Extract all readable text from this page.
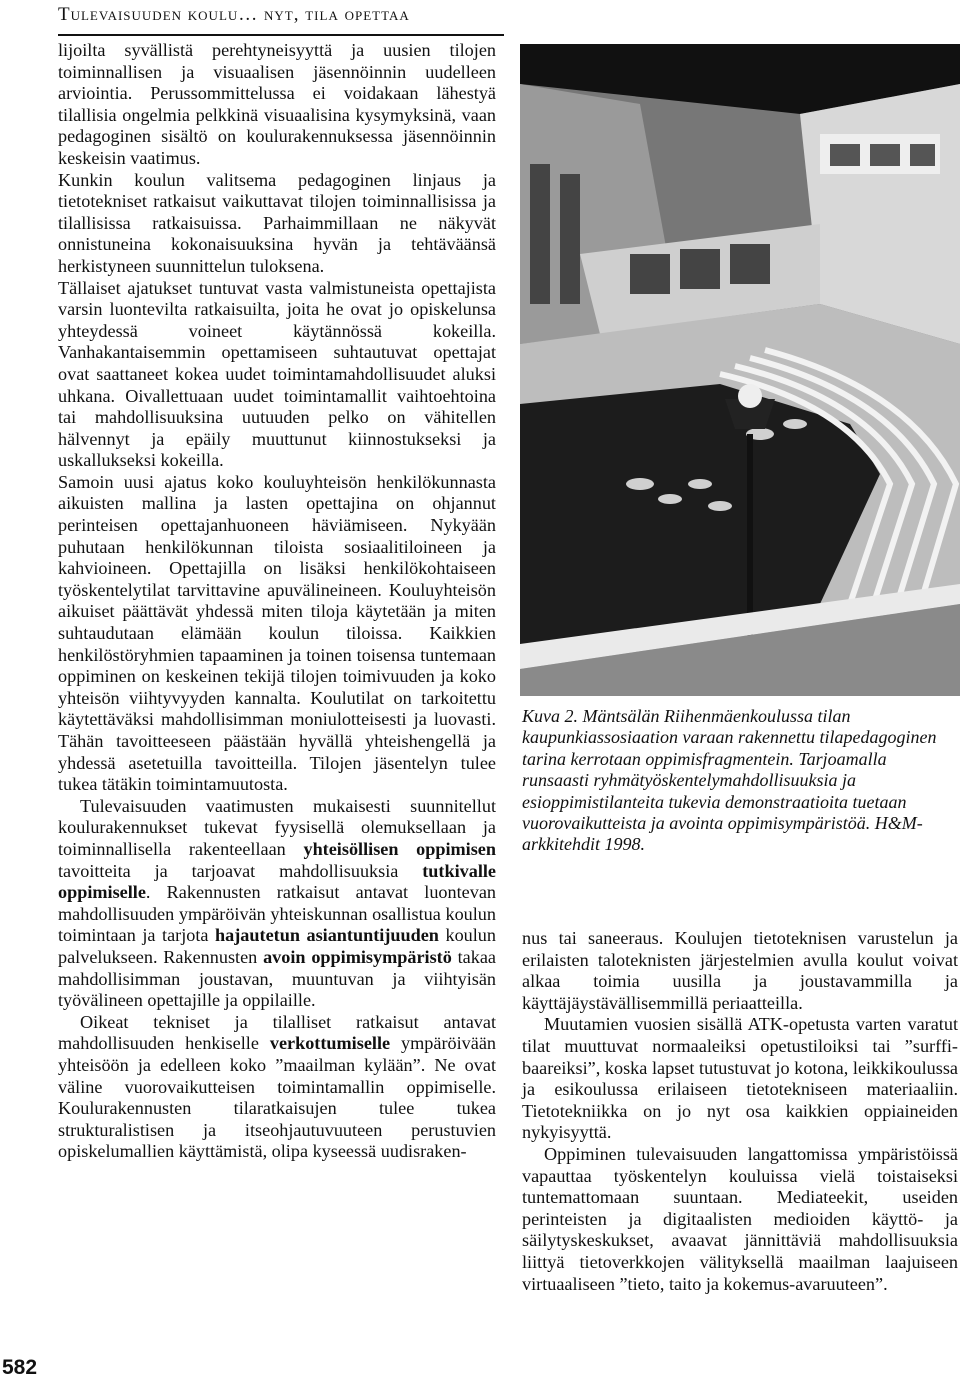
Tulevaisuuden koulu… nyt, tila opettaa

lijoilta syvällistä perehtyneisyyttä ja uusien tilojen toiminnallisen ja visuaalisen jäsennöinnin uudelleen arviointia. Perussommittelussa ei voidakaan lähestyä tilallisia ongelmia pelkkinä visuaalisina kysymyksinä, vaan pedagoginen sisältö on koulurakennuksessa jäsennöinnin keskeisin vaatimus.

Kunkin koulun valitsema pedagoginen linjaus ja tietotekniset ratkaisut vaikuttavat tilojen toiminnallisissa ja tilallisissa ratkaisuissa. Parhaimmillaan ne näkyvät onnistuneina kokonaisuuksina hyvän ja tehtäväänsä herkistyneen suunnittelun tuloksena.

Tällaiset ajatukset tuntuvat vasta valmistuneista opettajista varsin luontevilta ratkaisuilta, joita he ovat jo opiskelunsa yhteydessä voineet käytännössä kokeilla. Vanhakantaisemmin opettamiseen suhtautuvat opettajat ovat saattaneet kokea uudet toimintamahdollisuudet aluksi uhkana. Oivallettuaan uudet toimintamallit vaihtoehtoina tai mahdollisuuksina uutuuden pelko on vähitellen hälvennyt ja epäily muuttunut kiinnostukseksi ja uskallukseksi kokeilla.

Samoin uusi ajatus koko kouluyhteisön henkilökunnasta aikuisten mallina ja lasten opettajina on ohjannut perinteisen opettajanhuoneen häviämiseen. Nykyään puhutaan henkilökunnan tiloista sosiaalitiloineen ja kahvioineen. Opettajilla on lisäksi henkilökohtaiseen työskentelytilat tarvittavine apuvälineineen. Kouluyhteisön aikuiset päättävät yhdessä miten tiloja käytetään ja miten suhtaudutaan elämään koulun tiloissa. Kaikkien henkilöstöryhmien tapaaminen ja toinen toisensa tuntemaan oppiminen on keskeinen tekijä tilojen toimivuuden ja koko yhteisön viihtyvyyden kannalta. Koulutilat on tarkoitettu käytettäväksi mahdollisimman moniulotteisesti ja luovasti. Tähän tavoitteeseen päästään hyvällä yhteishengellä ja yhdessä asetetuilla tavoitteilla. Tilojen jäsentelyn tulee tukea tätäkin toimintamuutosta.

Tulevaisuuden vaatimusten mukaisesti suunnitellut koulurakennukset tukevat fyysisellä olemuksellaan ja toiminnallisella rakenteellaan yhteisöllisen oppimisen tavoitteita ja tarjoavat mahdollisuuksia tutkivalle oppimiselle. Rakennusten ratkaisut antavat luontevan mahdollisuuden ympäröivän yhteiskunnan osallistua koulun toimintaan ja tarjota hajautetun asiantuntijuuden koulun palvelukseen. Rakennusten avoin oppimisympäristö takaa mahdollisimman joustavan, muuntuvan ja viihtyisän työvälineen opettajille ja oppilaille.

Oikeat tekniset ja tilalliset ratkaisut antavat mahdollisuuden henkiselle verkottumiselle ympäröivään yhteisöön ja edelleen koko ”maailman kylään”. Ne ovat väline vuorovaikutteisen toimintamallin oppimiselle. Koulurakennusten tilaratkaisujen tulee tukea strukturalistisen ja itseohjautuvuuteen perustuvien opiskelumallien käyttämistä, olipa kyseessä uudisraken-

Kuva 2. Mäntsälän Riihenmäenkoulussa tilan kaupunkiassosiaation varaan rakennettu tilapedagoginen tarina kerrotaan oppimisfragmentein. Tarjoamalla runsaasti ryhmätyöskentelymahdollisuuksia ja esioppimistilanteita tukevia demonstraatioita tuetaan vuorovaikutteista ja avointa oppimisympäristöä. H&M-arkkitehdit 1998.

nus tai saneeraus. Koulujen tietoteknisen varustelun ja erilaisten taloteknisten järjestelmien avulla koulut voivat alkaa toimia uusilla ja joustavammilla ja käyttäjäystävällisemmillä periaatteilla.

Muutamien vuosien sisällä ATK-opetusta varten varatut tilat muuttuvat normaaleiksi opetustiloiksi tai ”surffi-baareiksi”, koska lapset tutustuvat jo kotona, leikkikoulussa ja esikoulussa erilaiseen tietotekniseen materiaaliin. Tietotekniikka on jo nyt osa kaikkien oppiaineiden nykyisyyttä.

Oppiminen tulevaisuuden langattomissa ympäristöissä vapauttaa työskentelyn kouluissa vielä toistaiseksi tuntemattomaan suuntaan. Mediateekit, useiden perinteisten ja digitaalisten medioiden käyttö- ja säilytyskeskukset, avaavat jännittäviä mahdollisuuksia liittyä tietoverkkojen välityksellä maailman laajuiseen virtuaaliseen ”tieto, taito ja kokemus-avaruuteen”.

582
